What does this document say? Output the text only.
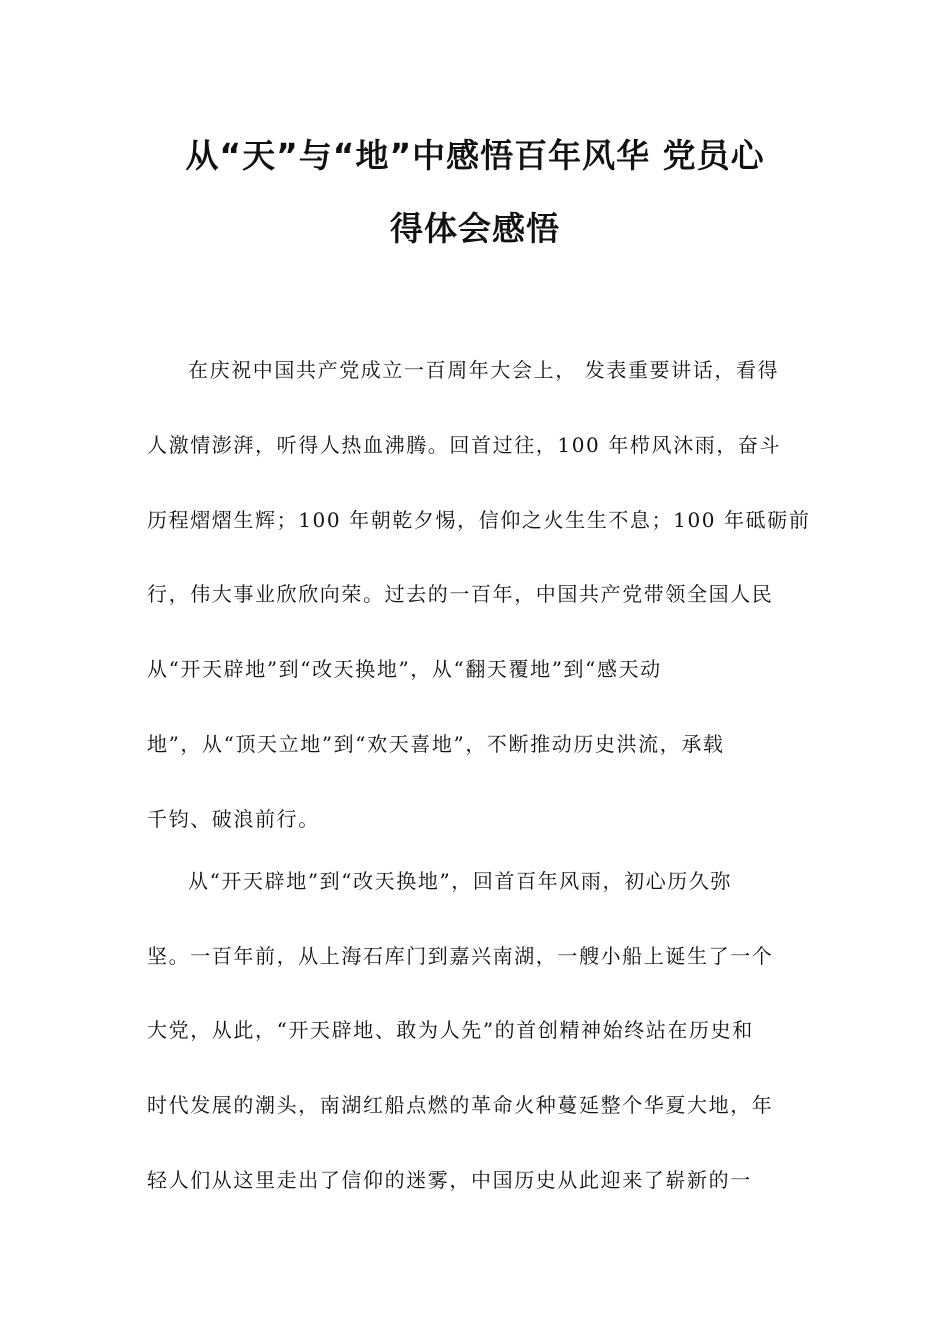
从“天”与“地”中感悟百年风华 党员心
得体会感悟
在庆祝中国共产党成立一百周年大会上， 发表重要讲话，看得
人激情澎湃，听得人热血沸腾。回首过往，100 年栉风沐雨，奋斗
历程熠熠生辉；100 年朝乾夕惕，信仰之火生生不息；100 年砥砺前
行，伟大事业欣欣向荣。过去的一百年，中国共产党带领全国人民
从“开天辟地”到“改天换地”，从“翻天覆地”到“感天动
地”，从“顶天立地”到“欢天喜地”，不断推动历史洪流，承载
千钧、破浪前行。
从“开天辟地”到“改天换地”，回首百年风雨，初心历久弥
坚。一百年前，从上海石库门到嘉兴南湖，一艘小船上诞生了一个
大党，从此，“开天辟地、敢为人先”的首创精神始终站在历史和
时代发展的潮头，南湖红船点燃的革命火种蔓延整个华夏大地，年
轻人们从这里走出了信仰的迷雾，中国历史从此迎来了崭新的一
